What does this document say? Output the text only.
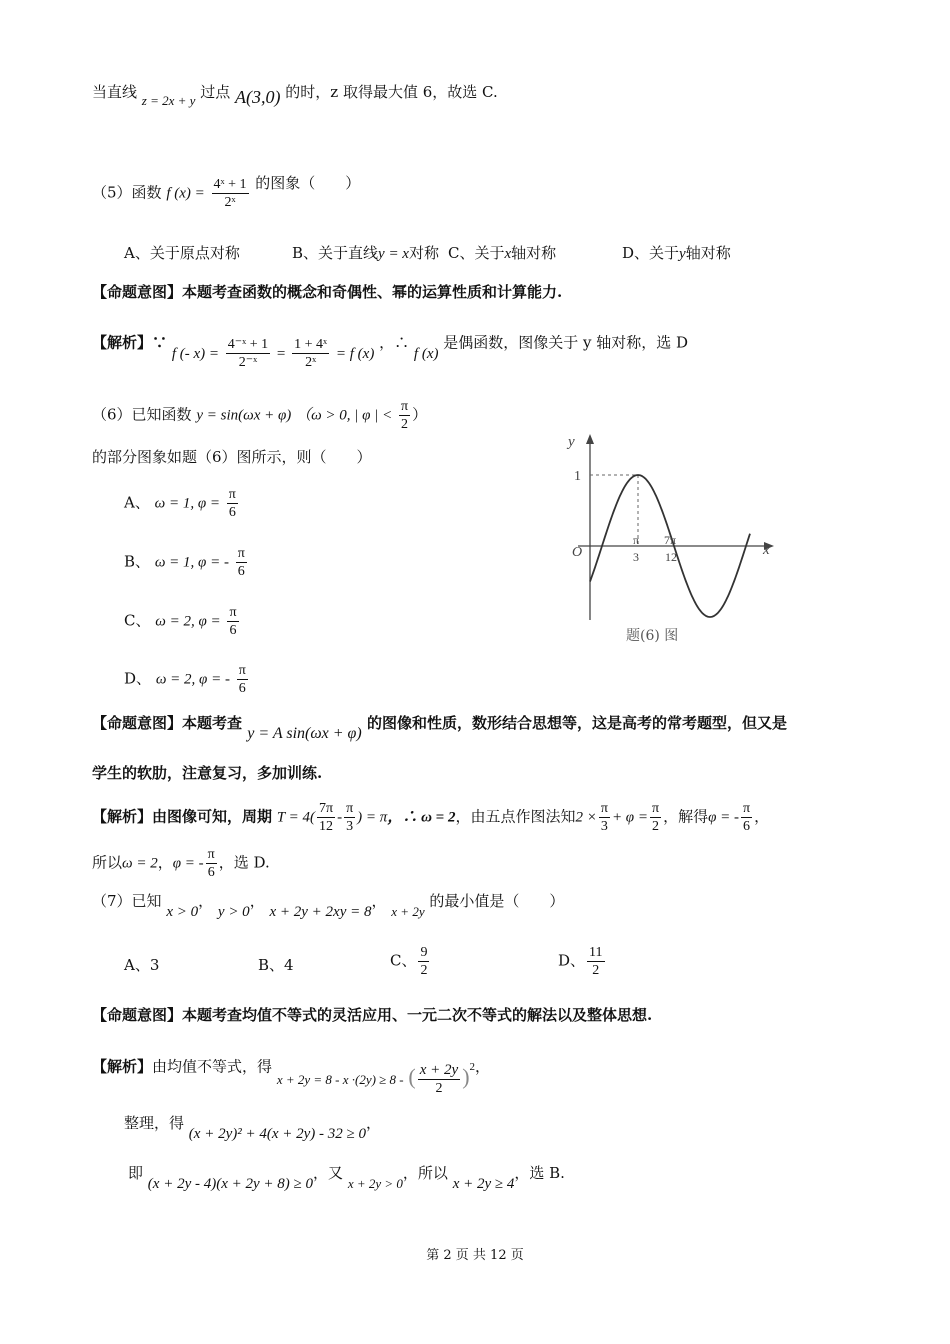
当直线 z = 2x + y 过点 A(3,0) 的时，z 取得最大值 6，故选 C.
（5）函数 f $(x) = \frac{\text{4ˣ + 1}}{\text{2ˣ}}$ 的图象（　　）
A、关于原点对称	B、关于直线y = x对称 C、关于x轴对称	D、关于y轴对称
【命题意图】本题考查函数的概念和奇偶性、幂的运算性质和计算能力.
【解析】∵ f (- $x) = \frac{\text{4⁻ˣ + 1}}{\text{2⁻ˣ}} = \frac{\text{1 + 4ˣ}}{\text{2ˣ}} = f$ (x) ，∴ f (x) 是偶函数，图像关于 y 轴对称，选 D
（6）已知函数 y = sin(ωx + φ) （ω > 0, | φ | < $\frac{\pi}{2}$ ）
的部分图象如题（6）图所示，则（　　）
A、 ω = 1, $\varphi = \frac{\pi}{6}$
B、 ω = 1, φ = - $\frac{\pi}{6}$
C、 ω = 2, $\varphi = \frac{\pi}{6}$
D、 ω = 2, φ = - $\frac{\pi}{6}$
y
x
O
1
π
3
7π
12
题(6) 图
【命题意图】本题考查 y = A sin(ωx + φ) 的图像和性质，数形结合思想等，这是高考的常考题型，但又是
学生的软肋，注意复习，多加训练.
【解析】由图像可知，周期 $T = 4( \frac{7\pi}{12} - \frac{\pi}{3}$ ) = π，∴ ω = 2，由五点作图法知$2 \times \frac{\pi}{3} + \varphi = \frac{\pi}{2}$ ，解得φ = - $\frac{\pi}{6}$ ，
所以ω = 2，φ = - $\frac{\pi}{6}$ ，选 D.
（7）已知 x > 0， y > 0， x + 2y + 2xy = 8， x + 2y 的最小值是（　　）
A、3	B、4	C、 $\frac{9}{2}$	D、 $\frac{11}{2}$
【命题意图】本题考查均值不等式的灵活应用、一元二次不等式的解法以及整体思想.
【解析】由均值不等式，得 x + 2y = 8 - x ·(2y) ≥ 8 - ( $\frac{x + 2y}{2} )2$，
整理，得 (x + 2y)² + 4(x + 2y) - 32 ≥ 0，
即 (x + 2y - 4)(x + 2y + 8) ≥ 0，又 x + 2y > 0，所以 x + 2y ≥ 4，选 B.
第 2 页 共 12 页
